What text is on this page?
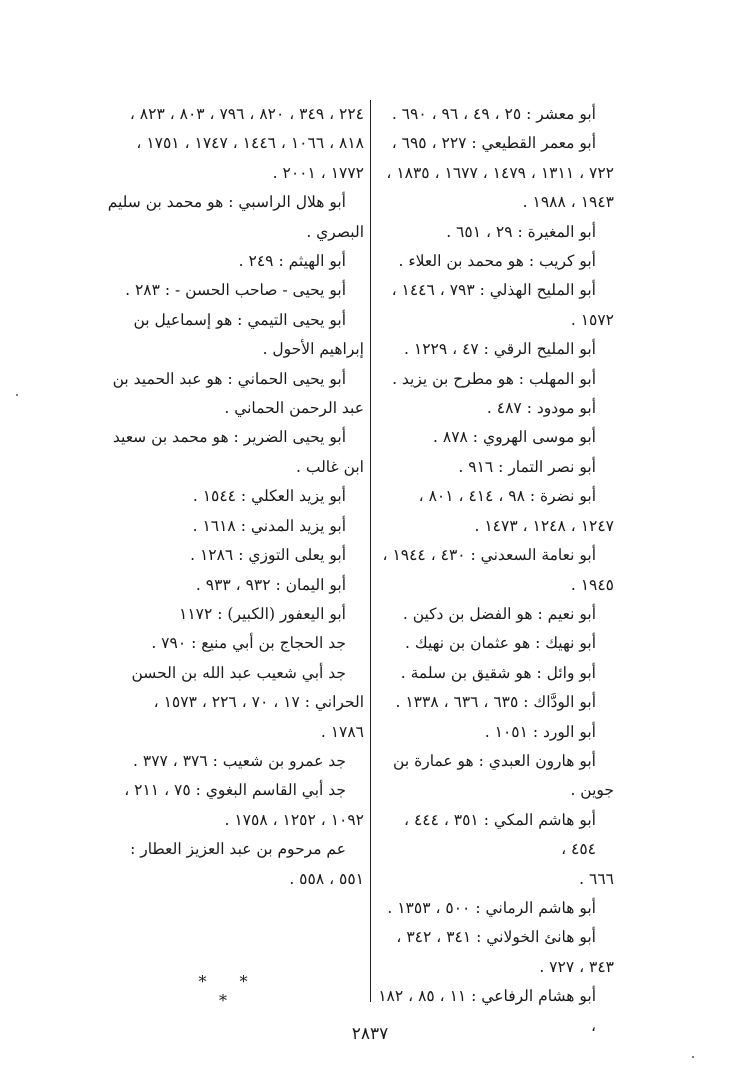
أبو معشر : ٢٥ ، ٤٩ ، ٩٦ ، ٦٩٠ .
أبو معمر القطيعي : ٢٢٧ ، ٦٩٥ ،
٧٢٢ ، ١٣١١ ، ١٤٧٩ ، ١٦٧٧ ، ١٨٣٥ ،
١٩٤٣ ، ١٩٨٨ .
أبو المغيرة : ٢٩ ، ٦٥١ .
أبو كريب : هو محمد بن العلاء .
أبو المليح الهذلي : ٧٩٣ ، ١٤٤٦ ،
١٥٧٢ .
أبو المليح الرقي : ٤٧ ، ١٢٢٩ .
أبو المهلب : هو مطرح بن يزيد .
أبو مودود : ٤٨٧ .
أبو موسى الهروي : ٨٧٨ .
أبو نصر التمار : ٩١٦ .
أبو نضرة : ٩٨ ، ٤١٤ ، ٨٠١ ،
١٢٤٧ ، ١٢٤٨ ، ١٤٧٣ .
أبو نعامة السعدني : ٤٣٠ ، ١٩٤٤ ،
١٩٤٥ .
أبو نعيم : هو الفضل بن دكين .
أبو نهيك : هو عثمان بن نهيك .
أبو وائل : هو شقيق بن سلمة .
أبو الودَّاك : ٦٣٥ ، ٦٣٦ ، ١٣٣٨ .
أبو الورد : ١٠٥١ .
أبو هارون العبدي : هو عمارة بن
جوين .
أبو هاشم المكي : ٣٥١ ، ٤٤٤ ، ٤٥٤ ،
٦٦٦ .
أبو هاشم الرماني : ٥٠٠ ، ١٣٥٣ .
أبو هانئ الخولاني : ٣٤١ ، ٣٤٢ ،
٣٤٣ ، ٧٢٧ .
أبو هشام الرفاعي : ١١ ، ٨٥ ، ١٨٢ ،
٢٢٤ ، ٣٤٩ ، ٨٢٠ ، ٧٩٦ ، ٨٠٣ ، ٨٢٣ ،
٨١٨ ، ١٠٦٦ ، ١٤٤٦ ، ١٧٤٧ ، ١٧٥١ ،
١٧٧٢ ، ٢٠٠١ .
أبو هلال الراسبي : هو محمد بن سليم
البصري .
أبو الهيثم : ٢٤٩ .
أبو يحيى - صاحب الحسن - : ٢٨٣ .
أبو يحيى التيمي : هو إسماعيل بن
إبراهيم الأحول .
أبو يحيى الحماني : هو عبد الحميد بن
عبد الرحمن الحماني .
أبو يحيى الضرير : هو محمد بن سعيد
ابن غالب .
أبو يزيد العكلي : ١٥٤٤ .
أبو يزيد المدني : ١٦١٨ .
أبو يعلى التوزي : ١٢٨٦ .
أبو اليمان : ٩٣٢ ، ٩٣٣ .
أبو اليعفور (الكبير) : ١١٧٢
جد الحجاج بن أبي منيع : ٧٩٠ .
جد أبي شعيب عبد الله بن الحسن
الحراني : ١٧ ، ٧٠ ، ٢٢٦ ، ١٥٧٣ ،
١٧٨٦ .
جد عمرو بن شعيب : ٣٧٦ ، ٣٧٧ .
جد أبي القاسم البغوي : ٧٥ ، ٢١١ ،
١٠٩٢ ، ١٢٥٢ ، ١٧٥٨ .
عم مرحوم بن عبد العزيز العطار :
٥٥١ ، ٥٥٨ .
* * *
٢٨٣٧
